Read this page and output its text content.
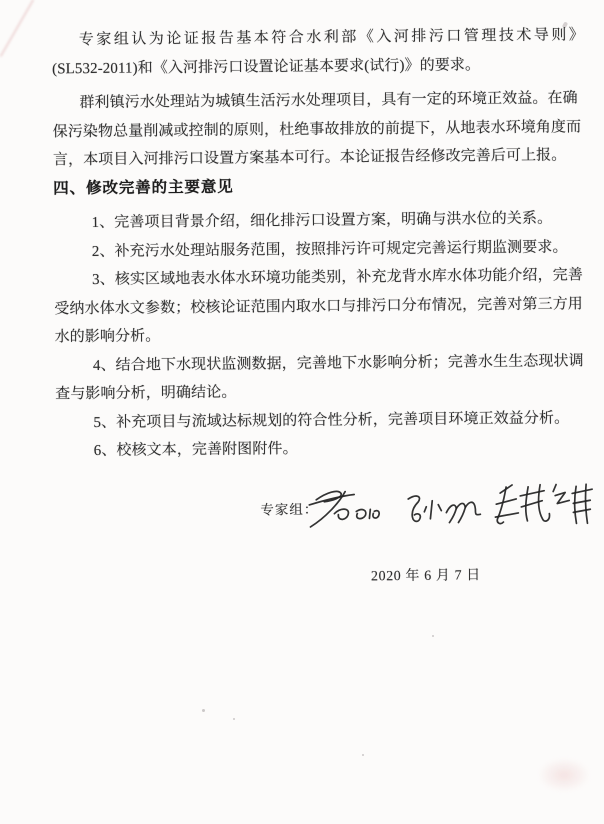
专家组认为论证报告基本符合水利部《入河排污口管理技术导则》
(SL532-2011)和《入河排污口设置论证基本要求(试行)》的要求。
群利镇污水处理站为城镇生活污水处理项目，具有一定的环境正效益。在确
保污染物总量削减或控制的原则，杜绝事故排放的前提下，从地表水环境角度而
言，本项目入河排污口设置方案基本可行。本论证报告经修改完善后可上报。
四、修改完善的主要意见
1、完善项目背景介绍，细化排污口设置方案，明确与洪水位的关系。
2、补充污水处理站服务范围，按照排污许可规定完善运行期监测要求。
3、核实区域地表水体水环境功能类别，补充龙背水库水体功能介绍，完善
受纳水体水文参数；校核论证范围内取水口与排污口分布情况，完善对第三方用
水的影响分析。
4、结合地下水现状监测数据，完善地下水影响分析；完善水生生态现状调
查与影响分析，明确结论。
5、补充项目与流域达标规划的符合性分析，完善项目环境正效益分析。
6、校核文本，完善附图附件。
专家组：
2020 年 6 月 7 日
